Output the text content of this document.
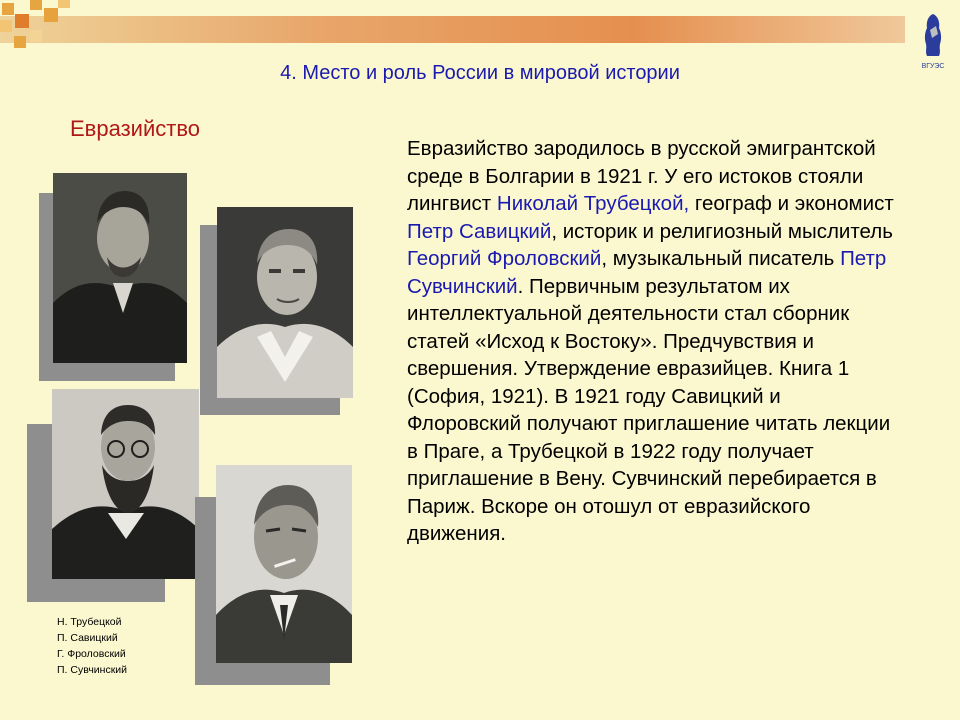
ВГУЭС
4. Место и роль России в мировой истории
Евразийство
Н. Трубецкой
П. Савицкий
Г. Фроловский
П. Сувчинский
Евразийство зародилось в русской эмигрантской среде в Болгарии в 1921 г. У его истоков стояли лингвист Николай Трубецкой, географ и экономист Петр Савицкий, историк и религиозный мыслитель Георгий Фроловский, музыкальный писатель Петр Сувчинский. Первичным результатом их интеллектуальной деятельности стал сборник статей «Исход к Востоку». Предчувствия и свершения. Утверждение евразийцев. Книга 1 (София, 1921). В 1921 году Савицкий и Флоровский получают приглашение читать лекции в Праге, а Трубецкой в 1922 году получает приглашение в Вену. Сувчинский перебирается в Париж. Вскоре он отошул от евразийского движения.
